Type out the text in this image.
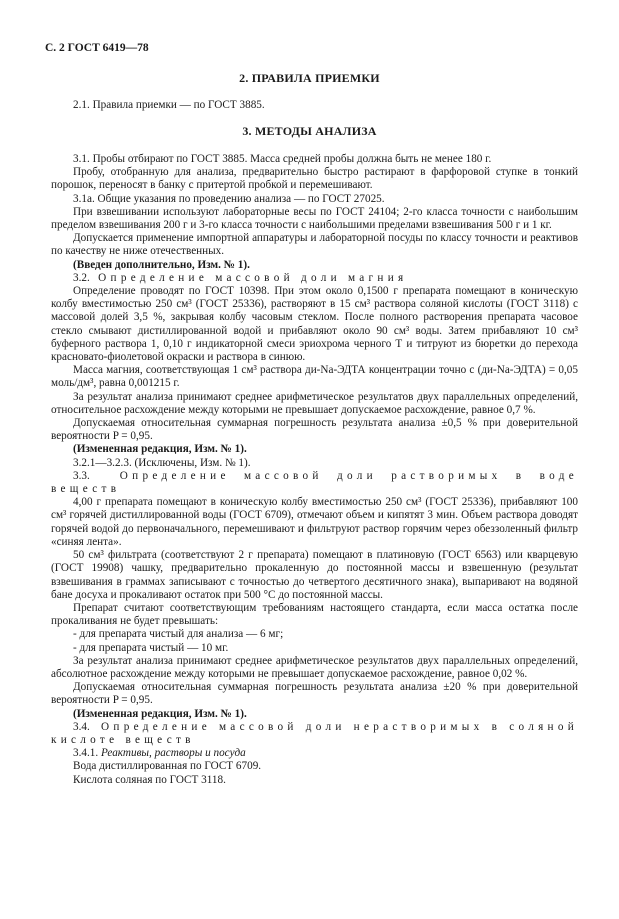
С. 2 ГОСТ 6419—78
2. ПРАВИЛА ПРИЕМКИ

2.1. Правила приемки — по ГОСТ 3885.

3. МЕТОДЫ АНАЛИЗА

3.1. Пробы отбирают по ГОСТ 3885. Масса средней пробы должна быть не менее 180 г.

Пробу, отобранную для анализа, предварительно быстро растирают в фарфоровой ступке в тонкий порошок, переносят в банку с притертой пробкой и перемешивают.

3.1а. Общие указания по проведению анализа — по ГОСТ 27025.

При взвешивании используют лабораторные весы по ГОСТ 24104; 2-го класса точности с наибольшим пределом взвешивания 200 г и 3-го класса точности с наибольшими пределами взвешивания 500 г и 1 кг.

Допускается применение импортной аппаратуры и лабораторной посуды по классу точности и реактивов по качеству не ниже отечественных.

(Введен дополнительно, Изм. № 1).

3.2. Определение массовой доли магния

Определение проводят по ГОСТ 10398. При этом около 0,1500 г препарата помещают в коническую колбу вместимостью 250 см³ (ГОСТ 25336), растворяют в 15 см³ раствора соляной кислоты (ГОСТ 3118) с массовой долей 3,5 %, закрывая колбу часовым стеклом. После полного растворения препарата часовое стекло смывают дистиллированной водой и прибавляют около 90 см³ воды. Затем прибавляют 10 см³ буферного раствора 1, 0,10 г индикаторной смеси эриохрома черного Т и титруют из бюретки до перехода красновато-фиолетовой окраски и раствора в синюю.

Масса магния, соответствующая 1 см³ раствора ди-Na-ЭДТА концентрации точно с (ди-Na-ЭДТА) = 0,05 моль/дм³, равна 0,001215 г.

За результат анализа принимают среднее арифметическое результатов двух параллельных определений, относительное расхождение между которыми не превышает допускаемое расхождение, равное 0,7 %.

Допускаемая относительная суммарная погрешность результата анализа ±0,5 % при доверительной вероятности P = 0,95.

(Измененная редакция, Изм. № 1).

3.2.1—3.2.3. (Исключены, Изм. № 1).

3.3.	Определение массовой доли растворимых в воде веществ

4,00 г препарата помещают в коническую колбу вместимостью 250 см³ (ГОСТ 25336), прибавляют 100 см³ горячей дистиллированной воды (ГОСТ 6709), отмечают объем и кипятят 3 мин. Объем раствора доводят горячей водой до первоначального, перемешивают и фильтруют раствор горячим через обеззоленный фильтр «синяя лента».

50 см³ фильтрата (соответствуют 2 г препарата) помещают в платиновую (ГОСТ 6563) или кварцевую (ГОСТ 19908) чашку, предварительно прокаленную до постоянной массы и взвешенную (результат взвешивания в граммах записывают с точностью до четвертого десятичного знака), выпаривают на водяной бане досуха и прокаливают остаток при 500 °С до постоянной массы.

Препарат считают соответствующим требованиям настоящего стандарта, если масса остатка после прокаливания не будет превышать:

- для препарата чистый для анализа — 6 мг;

- для препарата чистый — 10 мг.

За результат анализа принимают среднее арифметическое результатов двух параллельных определений, абсолютное расхождение между которыми не превышает допускаемое расхождение, равное 0,02 %.

Допускаемая относительная суммарная погрешность результата анализа ±20 % при доверительной вероятности P = 0,95.

(Измененная редакция, Изм. № 1).

3.4. Определение массовой доли нерастворимых в соляной кислоте веществ

3.4.1. Реактивы, растворы и посуда

Вода дистиллированная по ГОСТ 6709.

Кислота соляная по ГОСТ 3118.
